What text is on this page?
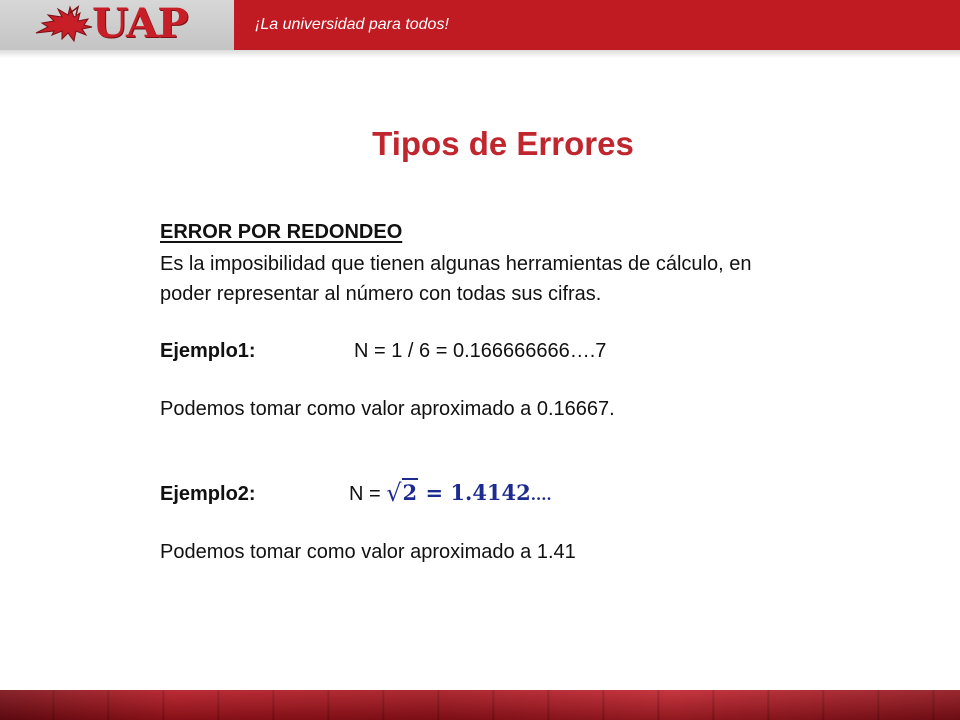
UAP	¡La universidad para todos!
Tipos de Errores
ERROR POR REDONDEO
Es la imposibilidad que tienen algunas herramientas de cálculo, en
poder representar al número con todas sus cifras.
Ejemplo1:	N = 1 / 6 = 0.166666666….7
Podemos tomar como valor aproximado a 0.16667.
Ejemplo2:	N = √2 = 1.4142....
Podemos tomar como valor aproximado a 1.41
